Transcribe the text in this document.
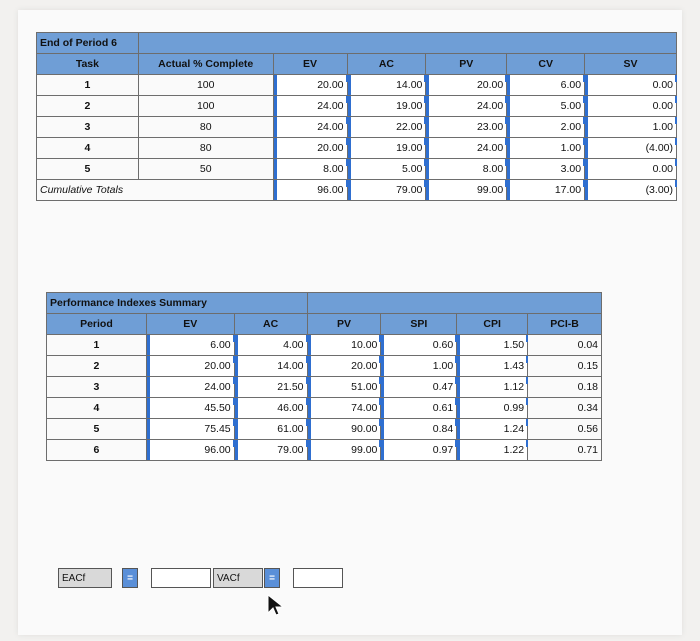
End of Period 6						
Task	Actual % Complete	EV	AC	PV	CV	SV
1	100	20.00	14.00	20.00	6.00	0.00
2	100	24.00	19.00	24.00	5.00	0.00
3	80	24.00	22.00	23.00	2.00	1.00
4	80	20.00	19.00	24.00	1.00	(4.00)
5	50	8.00	5.00	8.00	3.00	0.00
Cumulative Totals		96.00	79.00	99.00	17.00	(3.00)
Performance Indexes Summary						
Period	EV	AC	PV	SPI	CPI	PCI-B
1	6.00	4.00	10.00	0.60	1.50	0.04
2	20.00	14.00	20.00	1.00	1.43	0.15
3	24.00	21.50	51.00	0.47	1.12	0.18
4	45.50	46.00	74.00	0.61	0.99	0.34
5	75.45	61.00	90.00	0.84	1.24	0.56
6	96.00	79.00	99.00	0.97	1.22	0.71
EACf	=	VACf	=
